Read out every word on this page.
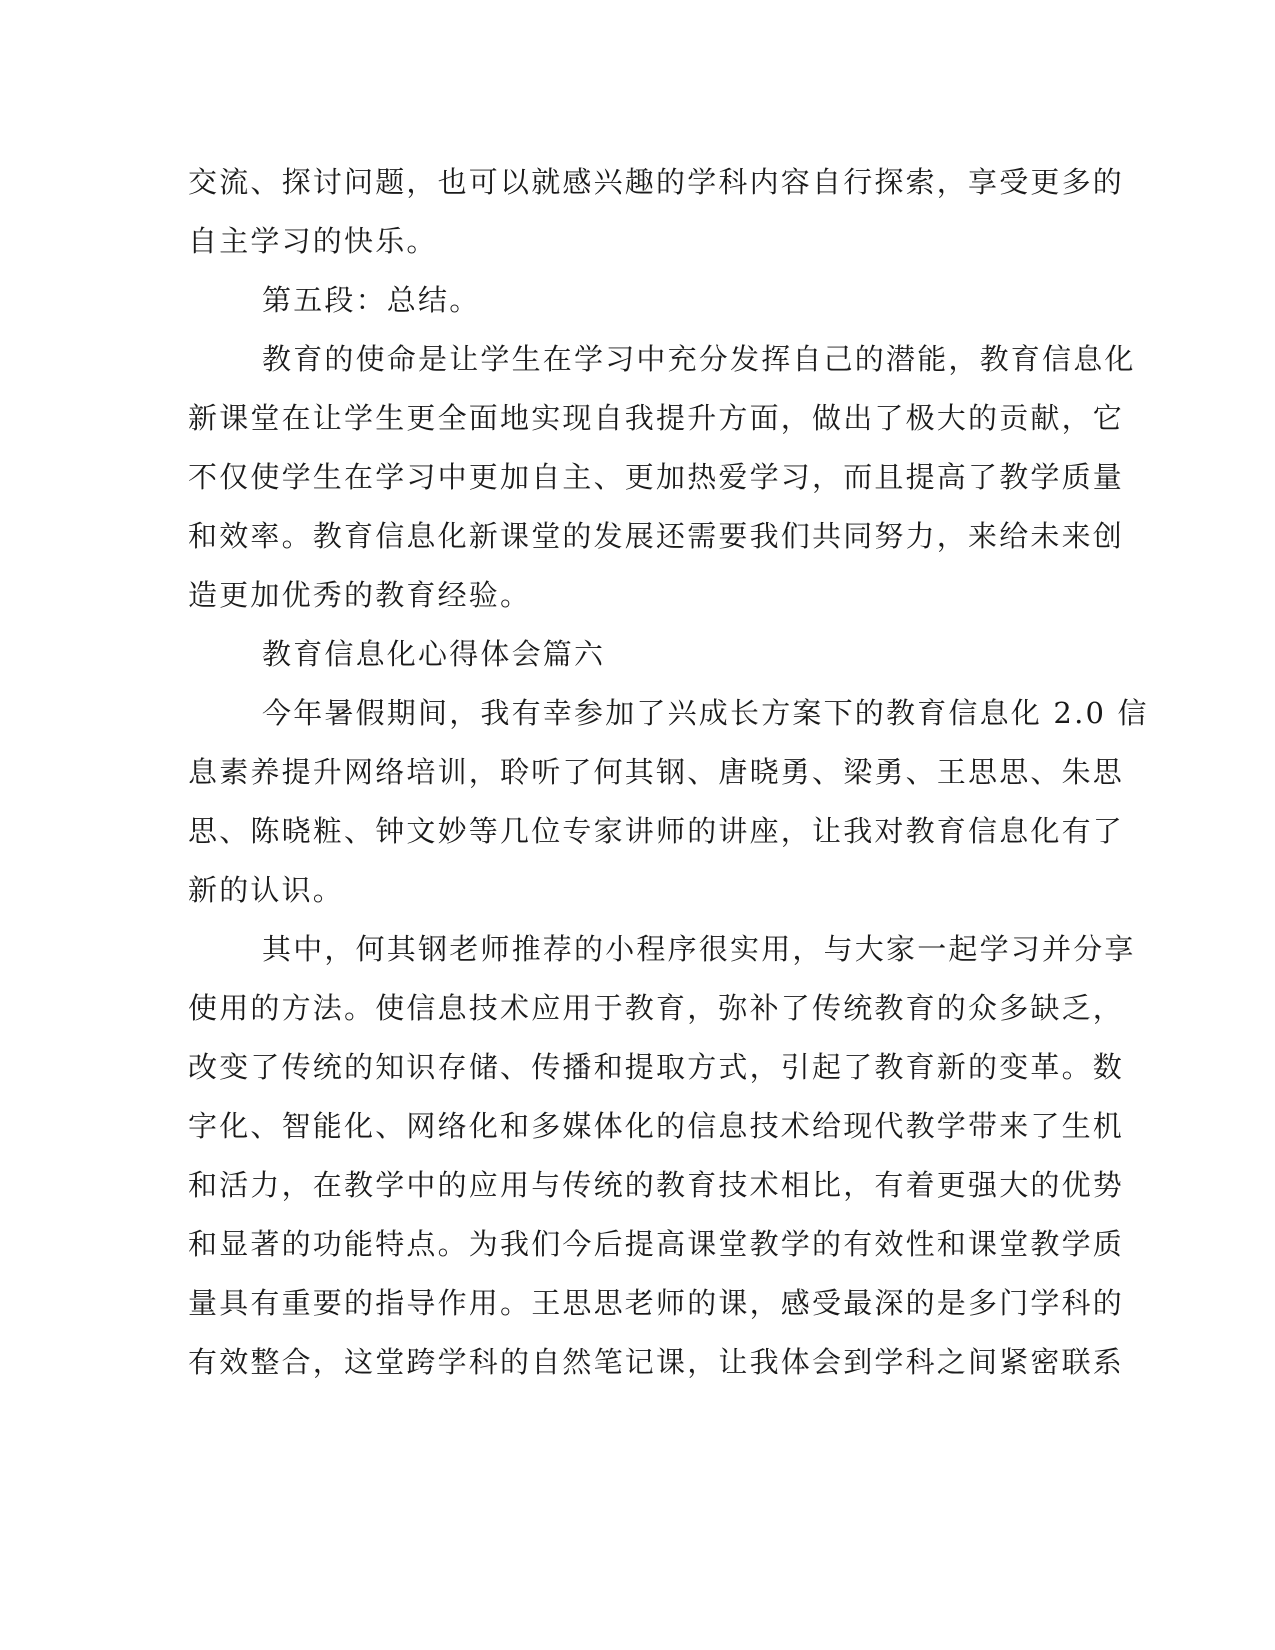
交流、探讨问题，也可以就感兴趣的学科内容自行探索，享受更多的
自主学习的快乐。
第五段：总结。
教育的使命是让学生在学习中充分发挥自己的潜能，教育信息化
新课堂在让学生更全面地实现自我提升方面，做出了极大的贡献，它
不仅使学生在学习中更加自主、更加热爱学习，而且提高了教学质量
和效率。教育信息化新课堂的发展还需要我们共同努力，来给未来创
造更加优秀的教育经验。
教育信息化心得体会篇六
今年暑假期间，我有幸参加了兴成长方案下的教育信息化 2.0 信
息素养提升网络培训，聆听了何其钢、唐晓勇、梁勇、王思思、朱思
思、陈晓粧、钟文妙等几位专家讲师的讲座，让我对教育信息化有了
新的认识。
其中，何其钢老师推荐的小程序很实用，与大家一起学习并分享
使用的方法。使信息技术应用于教育，弥补了传统教育的众多缺乏，
改变了传统的知识存储、传播和提取方式，引起了教育新的变革。数
字化、智能化、网络化和多媒体化的信息技术给现代教学带来了生机
和活力，在教学中的应用与传统的教育技术相比，有着更强大的优势
和显著的功能特点。为我们今后提高课堂教学的有效性和课堂教学质
量具有重要的指导作用。王思思老师的课，感受最深的是多门学科的
有效整合，这堂跨学科的自然笔记课，让我体会到学科之间紧密联系
